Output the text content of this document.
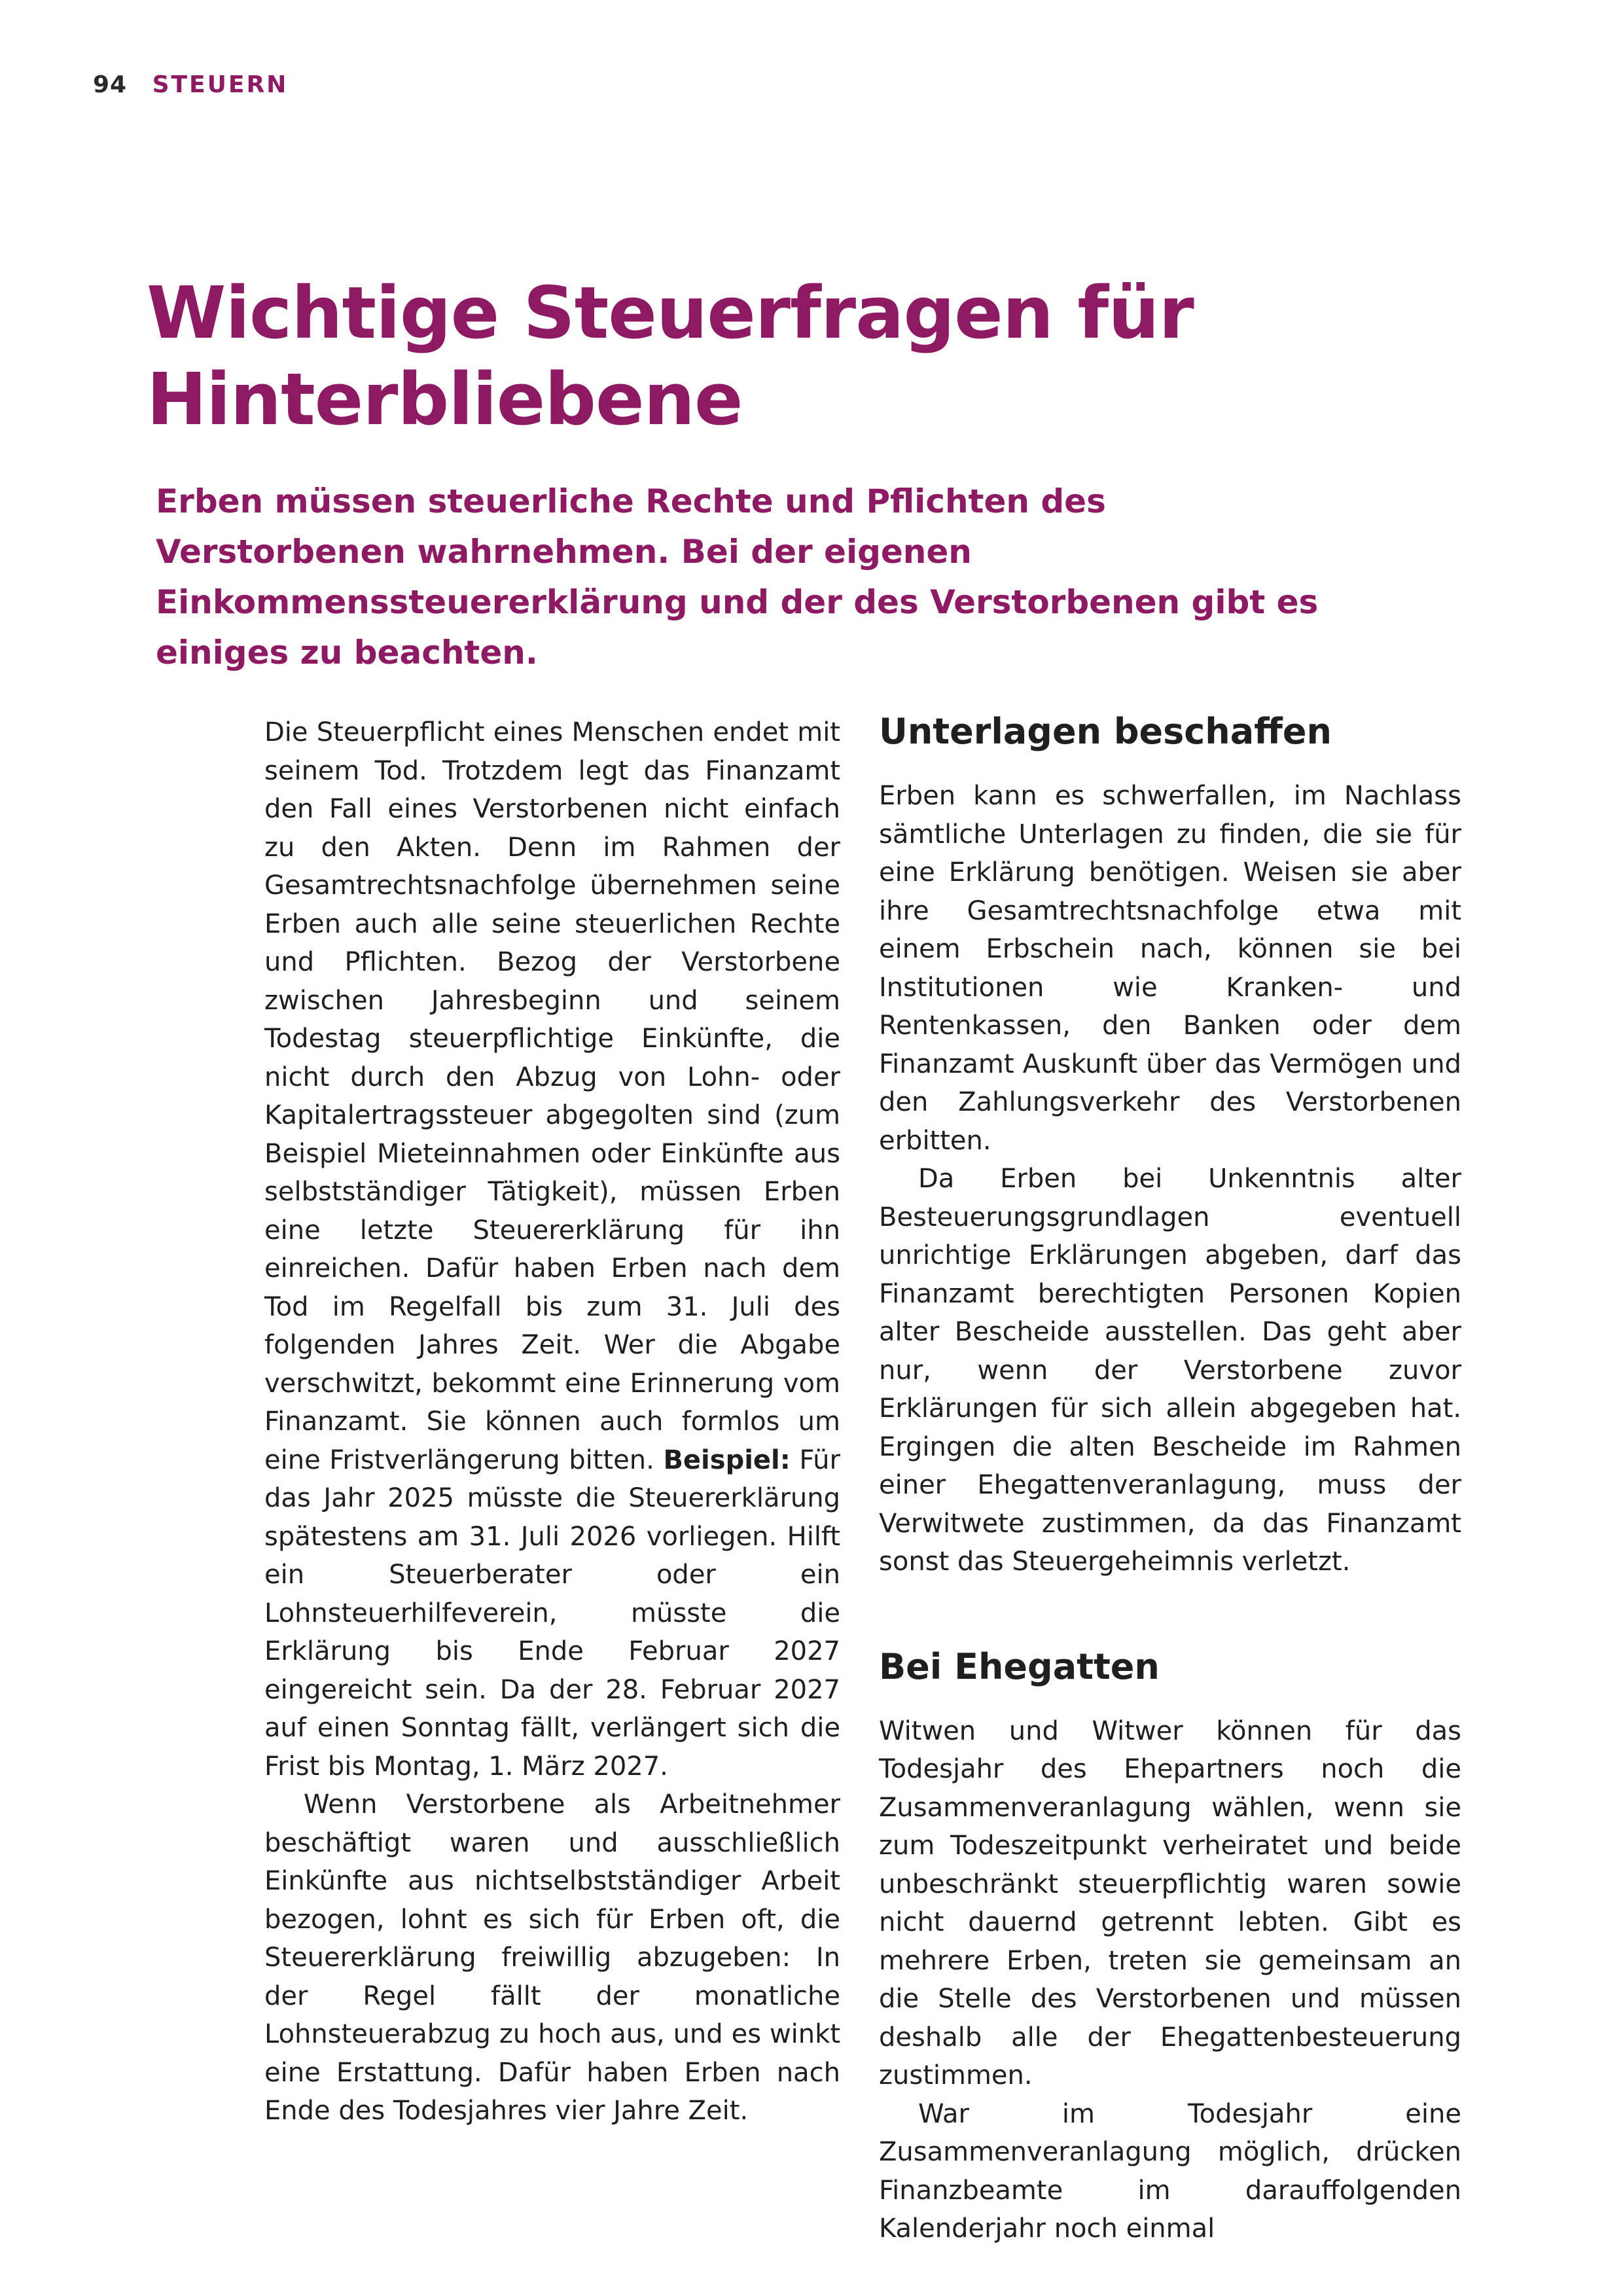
94 STEUERN
Wichtige Steuerfragen für Hinterbliebene

Erben müssen steuerliche Rechte und Pflichten des Verstorbenen wahrnehmen. Bei der eigenen Einkommenssteuererklärung und der des Verstorbenen gibt es einiges zu beachten.

Die Steuerpflicht eines Menschen endet mit seinem Tod. Trotzdem legt das Finanzamt den Fall eines Verstorbenen nicht einfach zu den Akten. Denn im Rahmen der Gesamtrechtsnachfolge übernehmen seine Erben auch alle seine steuerlichen Rechte und Pflichten. Bezog der Verstorbene zwischen Jahresbeginn und seinem Todestag steuerpflichtige Einkünfte, die nicht durch den Abzug von Lohn- oder Kapitalertragssteuer abgegolten sind (zum Beispiel Mieteinnahmen oder Einkünfte aus selbstständiger Tätigkeit), müssen Erben eine letzte Steuererklärung für ihn einreichen. Dafür haben Erben nach dem Tod im Regelfall bis zum 31. Juli des folgenden Jahres Zeit. Wer die Abgabe verschwitzt, bekommt eine Erinnerung vom Finanzamt. Sie können auch formlos um eine Fristverlängerung bitten. Beispiel: Für das Jahr 2025 müsste die Steuererklärung spätestens am 31. Juli 2026 vorliegen. Hilft ein Steuerberater oder ein Lohnsteuerhilfeverein, müsste die Erklärung bis Ende Februar 2027 eingereicht sein. Da der 28. Februar 2027 auf einen Sonntag fällt, verlängert sich die Frist bis Montag, 1. März 2027.

Wenn Verstorbene als Arbeitnehmer beschäftigt waren und ausschließlich Einkünfte aus nichtselbstständiger Arbeit bezogen, lohnt es sich für Erben oft, die Steuererklärung freiwillig abzugeben: In der Regel fällt der monatliche Lohnsteuerabzug zu hoch aus, und es winkt eine Erstattung. Dafür haben Erben nach Ende des Todesjahres vier Jahre Zeit.

Unterlagen beschaffen

Erben kann es schwerfallen, im Nachlass sämtliche Unterlagen zu finden, die sie für eine Erklärung benötigen. Weisen sie aber ihre Gesamtrechtsnachfolge etwa mit einem Erbschein nach, können sie bei Institutionen wie Kranken- und Rentenkassen, den Banken oder dem Finanzamt Auskunft über das Vermögen und den Zahlungsverkehr des Verstorbenen erbitten.

Da Erben bei Unkenntnis alter Besteuerungsgrundlagen eventuell unrichtige Erklärungen abgeben, darf das Finanzamt berechtigten Personen Kopien alter Bescheide ausstellen. Das geht aber nur, wenn der Verstorbene zuvor Erklärungen für sich allein abgegeben hat. Ergingen die alten Bescheide im Rahmen einer Ehegattenveranlagung, muss der Verwitwete zustimmen, da das Finanzamt sonst das Steuergeheimnis verletzt.

Bei Ehegatten

Witwen und Witwer können für das Todesjahr des Ehepartners noch die Zusammenveranlagung wählen, wenn sie zum Todeszeitpunkt verheiratet und beide unbeschränkt steuerpflichtig waren sowie nicht dauernd getrennt lebten. Gibt es mehrere Erben, treten sie gemeinsam an die Stelle des Verstorbenen und müssen deshalb alle der Ehegattenbesteuerung zustimmen.

War im Todesjahr eine Zusammenveranlagung möglich, drücken Finanzbeamte im darauffolgenden Kalenderjahr noch einmal
